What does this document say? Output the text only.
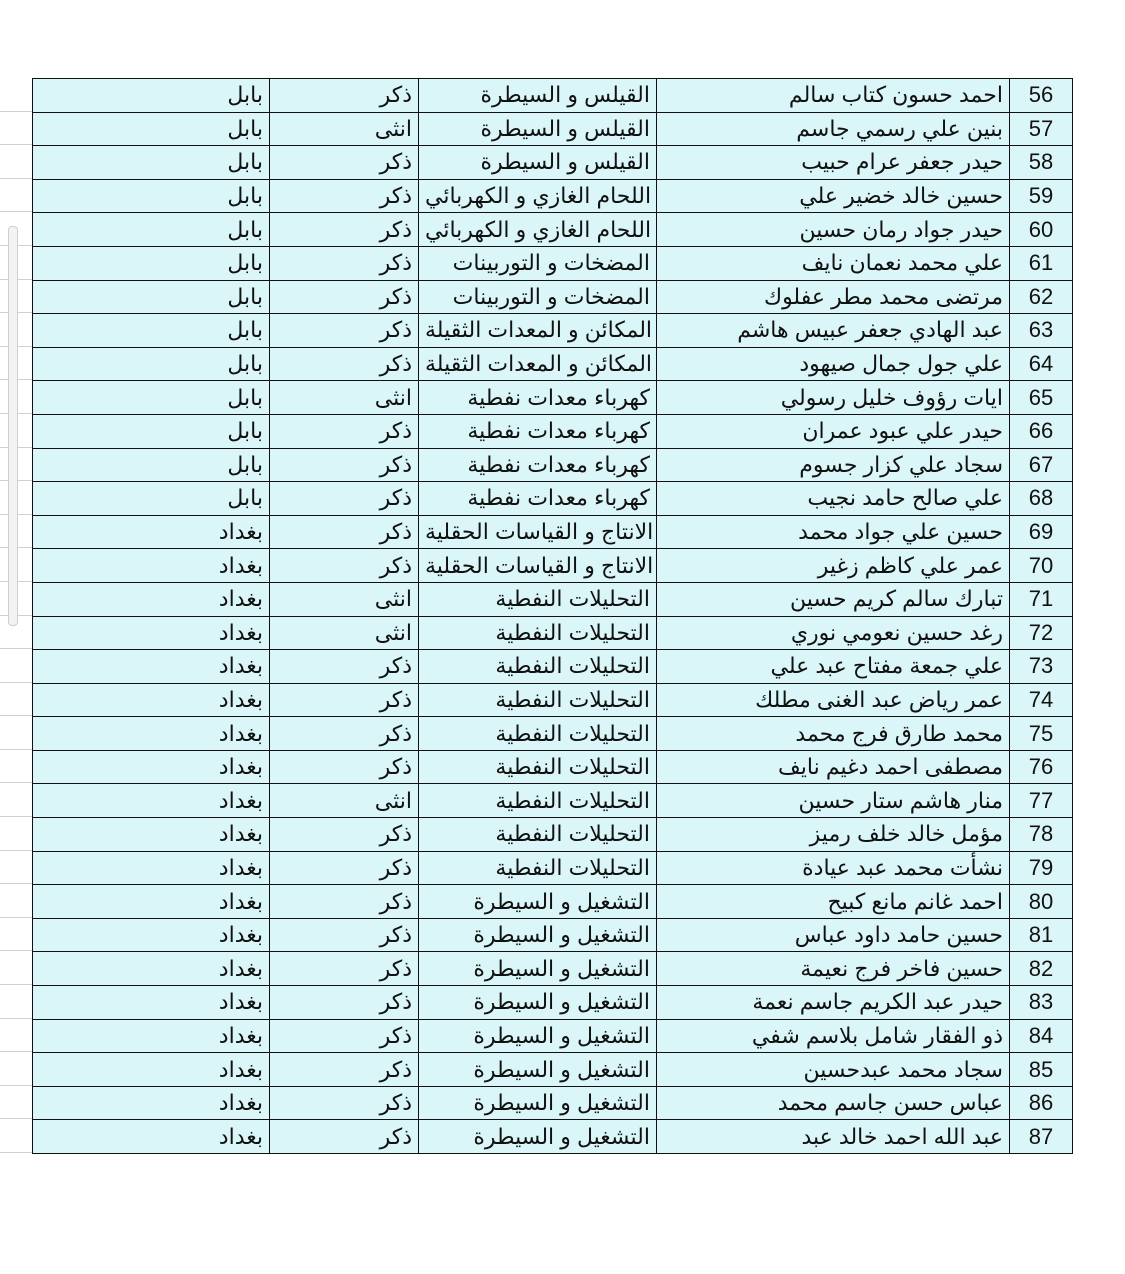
بابل	ذكر	القيلس و السيطرة	احمد حسون كتاب سالم	56
بابل	انثى	القيلس و السيطرة	بنين علي رسمي جاسم	57
بابل	ذكر	القيلس و السيطرة	حيدر جعفر عرام حبيب	58
بابل	ذكر	اللحام الغازي و الكهربائي	حسين خالد خضير علي	59
بابل	ذكر	اللحام الغازي و الكهربائي	حيدر جواد رمان حسين	60
بابل	ذكر	المضخات و التوربينات	علي محمد نعمان نايف	61
بابل	ذكر	المضخات و التوربينات	مرتضى محمد مطر عفلوك	62
بابل	ذكر	المكائن و المعدات الثقيلة	عبد الهادي جعفر عبيس هاشم	63
بابل	ذكر	المكائن و المعدات الثقيلة	علي جول جمال صيهود	64
بابل	انثى	كهرباء معدات نفطية	ايات رؤوف خليل رسولي	65
بابل	ذكر	كهرباء معدات نفطية	حيدر علي عبود عمران	66
بابل	ذكر	كهرباء معدات نفطية	سجاد علي كزار جسوم	67
بابل	ذكر	كهرباء معدات نفطية	علي صالح حامد نجيب	68
بغداد	ذكر	الانتاج و القياسات الحقلية	حسين علي جواد محمد	69
بغداد	ذكر	الانتاج و القياسات الحقلية	عمر علي كاظم زغير	70
بغداد	انثى	التحليلات النفطية	تبارك سالم كريم حسين	71
بغداد	انثى	التحليلات النفطية	رغد حسين نعومي نوري	72
بغداد	ذكر	التحليلات النفطية	علي جمعة مفتاح عبد علي	73
بغداد	ذكر	التحليلات النفطية	عمر رياض عبد الغنى مطلك	74
بغداد	ذكر	التحليلات النفطية	محمد طارق فرج محمد	75
بغداد	ذكر	التحليلات النفطية	مصطفى احمد دغيم نايف	76
بغداد	انثى	التحليلات النفطية	منار هاشم ستار حسين	77
بغداد	ذكر	التحليلات النفطية	مؤمل خالد خلف رميز	78
بغداد	ذكر	التحليلات النفطية	نشأت محمد عبد عيادة	79
بغداد	ذكر	التشغيل و السيطرة	احمد غانم مانع كبيح	80
بغداد	ذكر	التشغيل و السيطرة	حسين حامد داود عباس	81
بغداد	ذكر	التشغيل و السيطرة	حسين فاخر فرج نعيمة	82
بغداد	ذكر	التشغيل و السيطرة	حيدر عبد الكريم جاسم نعمة	83
بغداد	ذكر	التشغيل و السيطرة	ذو الفقار شامل بلاسم شفي	84
بغداد	ذكر	التشغيل و السيطرة	سجاد محمد عبدحسين	85
بغداد	ذكر	التشغيل و السيطرة	عباس حسن جاسم محمد	86
بغداد	ذكر	التشغيل و السيطرة	عبد الله احمد خالد عبد	87
